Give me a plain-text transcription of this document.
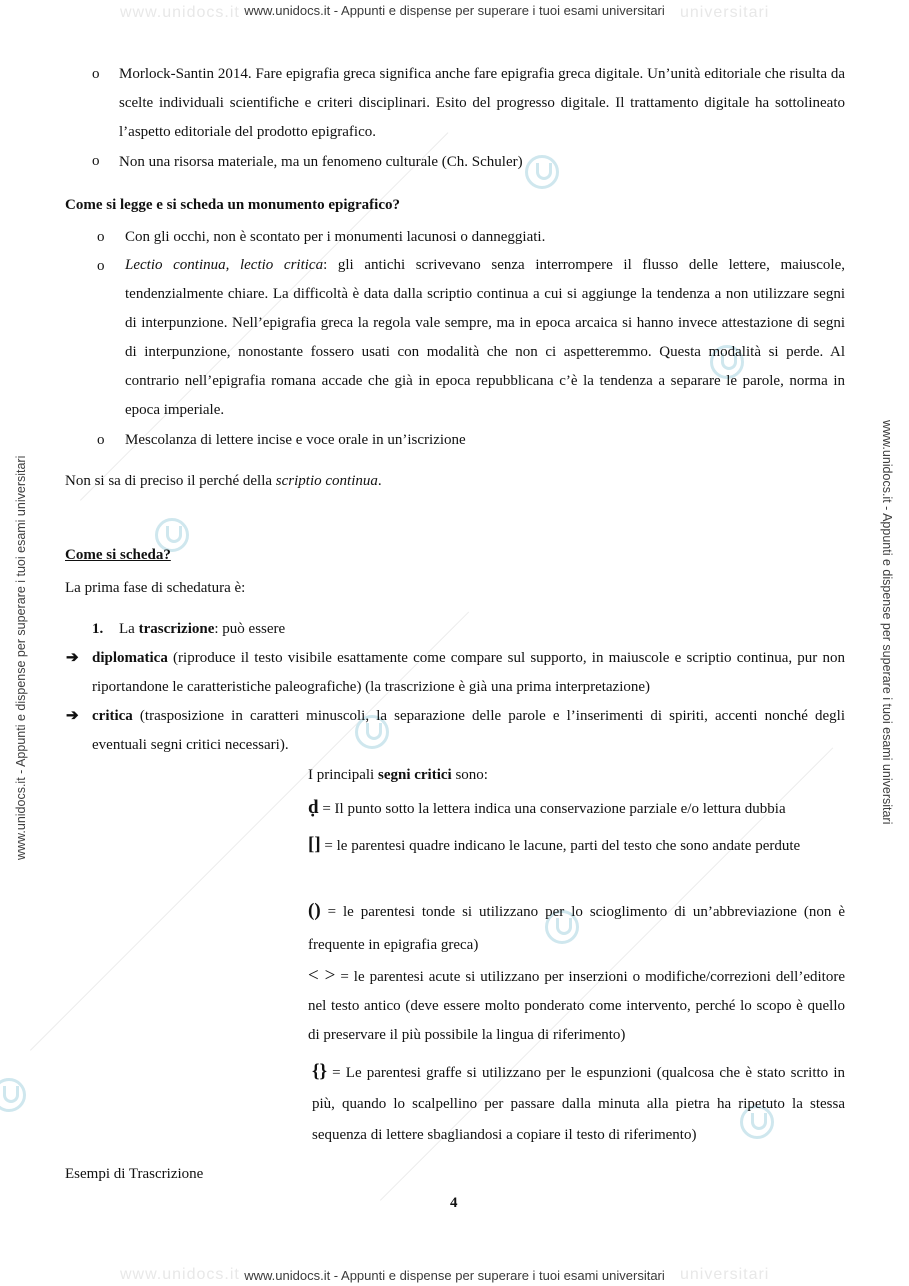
www.unidocs.it	universitari
www.unidocs.it	universitari
www.unidocs.it - Appunti e dispense per superare i tuoi esami universitari
www.unidocs.it - Appunti e dispense per superare i tuoi esami universitari
www.unidocs.it - Appunti e dispense per superare i tuoi esami universitari	www.unidocs.it - Appunti e dispense per superare i tuoi esami universitari
o Morlock-Santin 2014. Fare epigrafia greca significa anche fare epigrafia greca digitale. Un’unità editoriale che risulta da scelte individuali scientifiche e criteri disciplinari. Esito del progresso digitale. Il trattamento digitale ha sottolineato l’aspetto editoriale del prodotto epigrafico.
o Non una risorsa materiale, ma un fenomeno culturale (Ch. Schuler)
Come si legge e si scheda un monumento epigrafico?
o Con gli occhi, non è scontato per i monumenti lacunosi o danneggiati.
o Lectio continua, lectio critica: gli antichi scrivevano senza interrompere il flusso delle lettere, maiuscole, tendenzialmente chiare. La difficoltà è data dalla scriptio continua a cui si aggiunge la tendenza a non utilizzare segni di interpunzione. Nell’epigrafia greca la regola vale sempre, ma in epoca arcaica si hanno invece attestazione di segni di interpunzione, nonostante fossero usati con modalità che non ci aspetteremmo. Questa modalità si perde. Al contrario nell’epigrafia romana accade che già in epoca repubblicana c’è la tendenza a separare le parole, norma in epoca imperiale.
o Mescolanza di lettere incise e voce orale in un’iscrizione
Non si sa di preciso il perché della scriptio continua.
Come si scheda?
La prima fase di schedatura è:
1. La trascrizione: può essere
➔ diplomatica (riproduce il testo visibile esattamente come compare sul supporto, in maiuscole e scriptio continua, pur non riportandone le caratteristiche paleografiche) (la trascrizione è già una prima interpretazione)
➔ critica (trasposizione in caratteri minuscoli, la separazione delle parole e l’inserimenti di spiriti, accenti nonché degli eventuali segni critici necessari).
I principali segni critici sono:
ḍ = Il punto sotto la lettera indica una conservazione parziale e/o lettura dubbia
[] = le parentesi quadre indicano le lacune, parti del testo che sono andate perdute
() = le parentesi tonde si utilizzano per lo scioglimento di un’abbreviazione (non è frequente in epigrafia greca)
< > = le parentesi acute si utilizzano per inserzioni o modifiche/correzioni dell’editore nel testo antico (deve essere molto ponderato come intervento, perché lo scopo è quello di preservare il più possibile la lingua di riferimento)
{} = Le parentesi graffe si utilizzano per le espunzioni (qualcosa che è stato scritto in più, quando lo scalpellino per passare dalla minuta alla pietra ha ripetuto la stessa sequenza di lettere sbagliandosi a copiare il testo di riferimento)
Esempi di Trascrizione
4
